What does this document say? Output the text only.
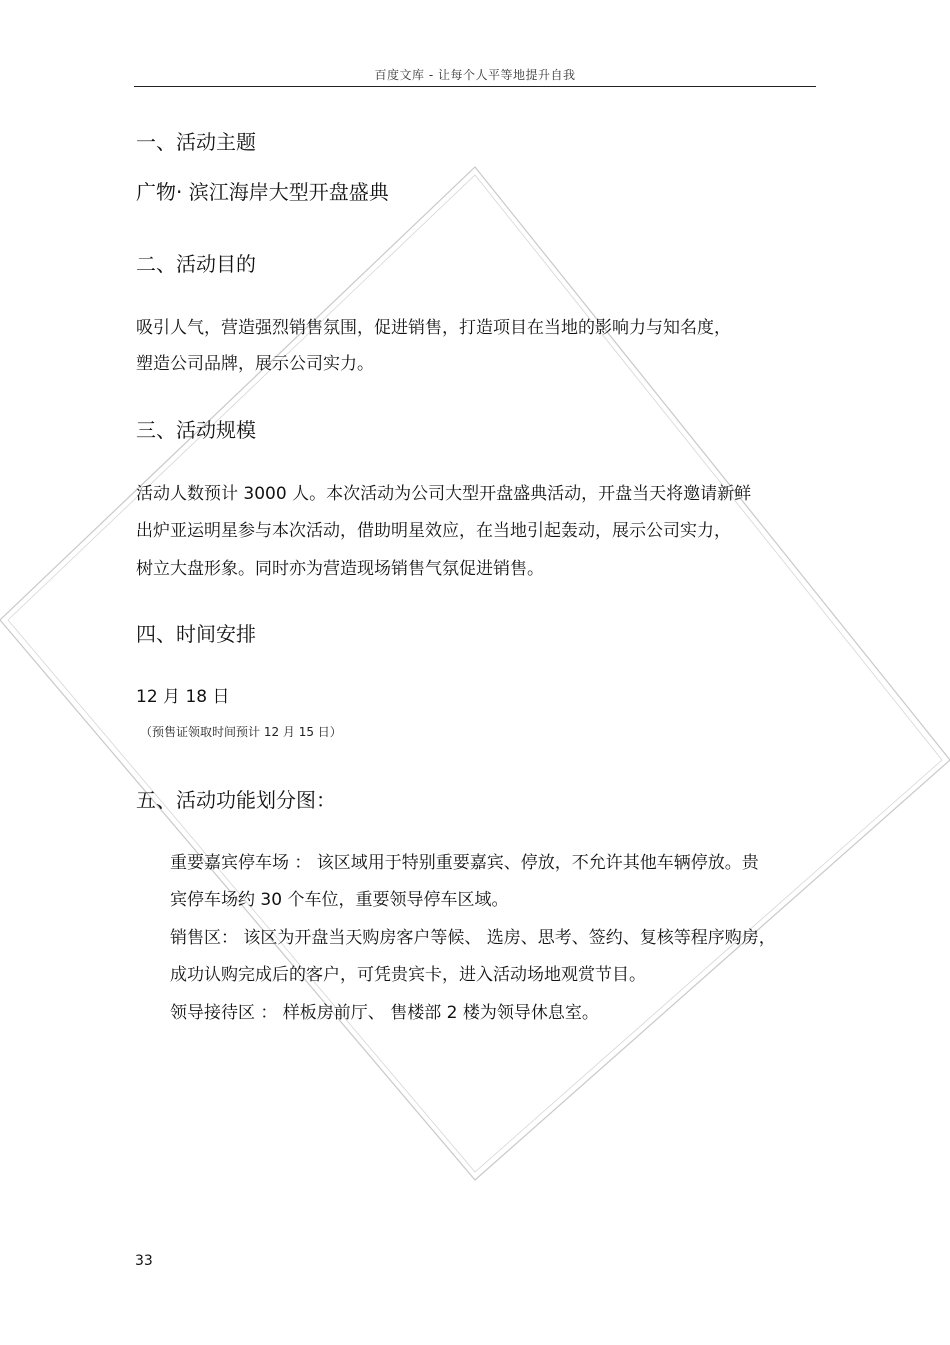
百度文库 - 让每个人平等地提升自我
一、活动主题
广物· 滨江海岸大型开盘盛典
二、活动目的
吸引人气，营造强烈销售氛围，促进销售，打造项目在当地的影响力与知名度，
塑造公司品牌，展示公司实力。
三、活动规模
活动人数预计 3000 人。本次活动为公司大型开盘盛典活动，开盘当天将邀请新鲜
出炉亚运明星参与本次活动，借助明星效应，在当地引起轰动，展示公司实力，
树立大盘形象。同时亦为营造现场销售气氛促进销售。
四、时间安排
12 月 18 日
（预售证领取时间预计 12 月 15 日）
五、活动功能划分图：
重要嘉宾停车场 ： 该区域用于特别重要嘉宾、停放，不允许其他车辆停放。贵
宾停车场约 30 个车位，重要领导停车区域。
销售区： 该区为开盘当天购房客户等候、 选房、思考、签约、复核等程序购房，
成功认购完成后的客户，可凭贵宾卡，进入活动场地观赏节目。
领导接待区 ： 样板房前厅、 售楼部 2 楼为领导休息室。
33
